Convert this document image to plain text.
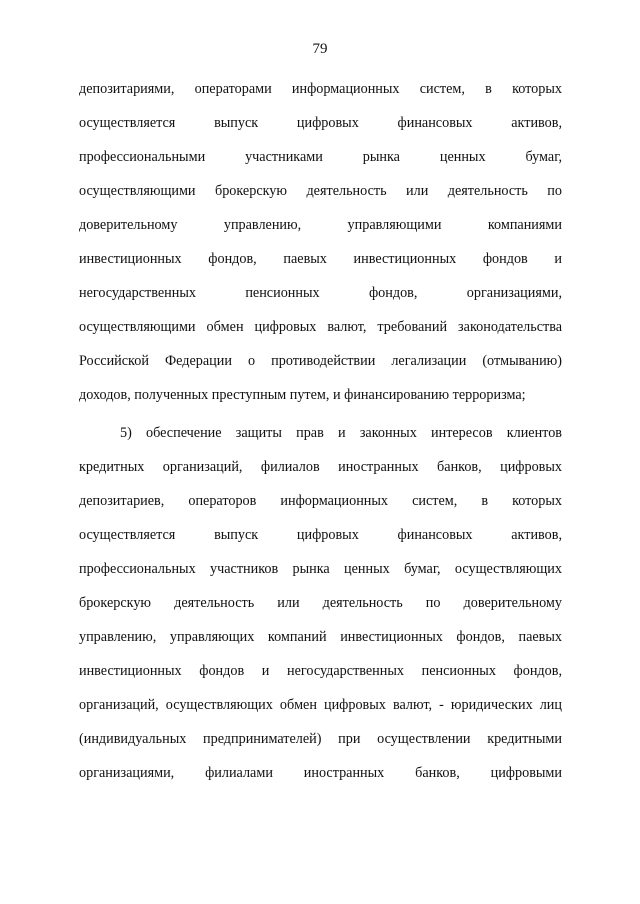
79
депозитариями, операторами информационных систем, в которых
осуществляется выпуск цифровых финансовых активов,
профессиональными участниками рынка ценных бумаг,
осуществляющими брокерскую деятельность или деятельность по
доверительному управлению, управляющими компаниями
инвестиционных фондов, паевых инвестиционных фондов и
негосударственных пенсионных фондов, организациями,
осуществляющими обмен цифровых валют, требований законодательства
Российской Федерации о противодействии легализации (отмыванию)
доходов, полученных преступным путем, и финансированию терроризма;
5) обеспечение защиты прав и законных интересов клиентов
кредитных организаций, филиалов иностранных банков, цифровых
депозитариев, операторов информационных систем, в которых
осуществляется выпуск цифровых финансовых активов,
профессиональных участников рынка ценных бумаг, осуществляющих
брокерскую деятельность или деятельность по доверительному
управлению, управляющих компаний инвестиционных фондов, паевых
инвестиционных фондов и негосударственных пенсионных фондов,
организаций, осуществляющих обмен цифровых валют, - юридических лиц
(индивидуальных предпринимателей) при осуществлении кредитными
организациями, филиалами иностранных банков, цифровыми
